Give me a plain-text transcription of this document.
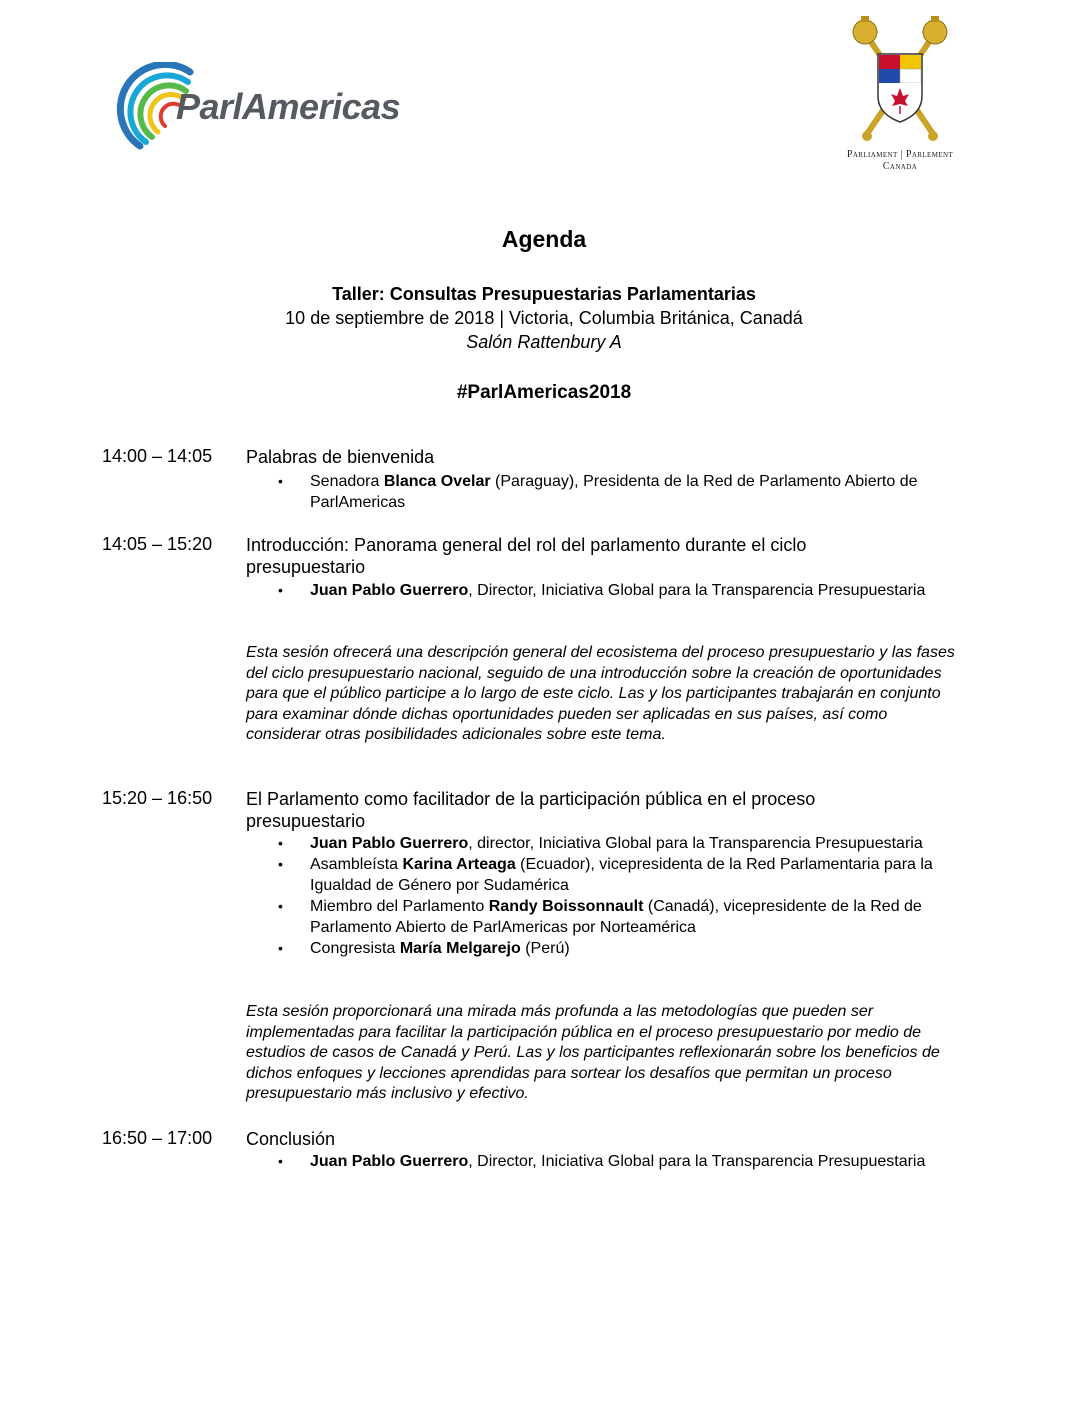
ParlAmericas
Parliament | Parlement
Canada
Agenda
Taller: Consultas Presupuestarias Parlamentarias
10 de septiembre de 2018 | Victoria, Columbia Británica, Canadá
Salón Rattenbury A
#ParlAmericas2018
14:00 – 14:05 Palabras de bienvenida
• Senadora Blanca Ovelar (Paraguay), Presidenta de la Red de Parlamento Abierto de ParlAmericas
14:05 – 15:20 Introducción: Panorama general del rol del parlamento durante el ciclo presupuestario
• Juan Pablo Guerrero, Director, Iniciativa Global para la Transparencia Presupuestaria
Esta sesión ofrecerá una descripción general del ecosistema del proceso presupuestario y las fases del ciclo presupuestario nacional, seguido de una introducción sobre la creación de oportunidades para que el público participe a lo largo de este ciclo. Las y los participantes trabajarán en conjunto para examinar dónde dichas oportunidades pueden ser aplicadas en sus países, así como considerar otras posibilidades adicionales sobre este tema.
15:20 – 16:50 El Parlamento como facilitador de la participación pública en el proceso presupuestario
• Juan Pablo Guerrero, director, Iniciativa Global para la Transparencia Presupuestaria
• Asambleísta Karina Arteaga (Ecuador), vicepresidenta de la Red Parlamentaria para la Igualdad de Género por Sudamérica
• Miembro del Parlamento Randy Boissonnault (Canadá), vicepresidente de la Red de Parlamento Abierto de ParlAmericas por Norteamérica
• Congresista María Melgarejo (Perú)
Esta sesión proporcionará una mirada más profunda a las metodologías que pueden ser implementadas para facilitar la participación pública en el proceso presupuestario por medio de estudios de casos de Canadá y Perú. Las y los participantes reflexionarán sobre los beneficios de dichos enfoques y lecciones aprendidas para sortear los desafíos que permitan un proceso presupuestario más inclusivo y efectivo.
16:50 – 17:00 Conclusión
• Juan Pablo Guerrero, Director, Iniciativa Global para la Transparencia Presupuestaria
